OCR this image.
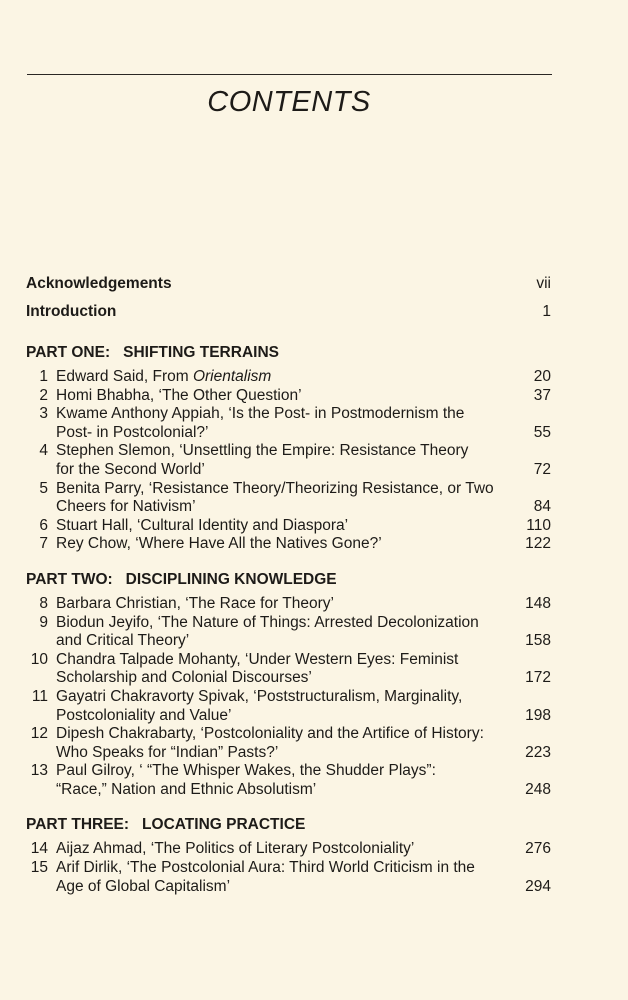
CONTENTS
Acknowledgements	vii
Introduction	1
PART ONE: SHIFTING TERRAINS
1 Edward Said, From Orientalism	20
2 Homi Bhabha, ‘The Other Question’	37
3 Kwame Anthony Appiah, ‘Is the Post- in Postmodernism the
Post- in Postcolonial?’	55
4 Stephen Slemon, ‘Unsettling the Empire: Resistance Theory
for the Second World’	72
5 Benita Parry, ‘Resistance Theory/Theorizing Resistance, or Two
Cheers for Nativism’	84
6 Stuart Hall, ‘Cultural Identity and Diaspora’	110
7 Rey Chow, ‘Where Have All the Natives Gone?’	122
PART TWO: DISCIPLINING KNOWLEDGE
8 Barbara Christian, ‘The Race for Theory’	148
9 Biodun Jeyifo, ‘The Nature of Things: Arrested Decolonization
and Critical Theory’	158
10 Chandra Talpade Mohanty, ‘Under Western Eyes: Feminist
Scholarship and Colonial Discourses’	172
11 Gayatri Chakravorty Spivak, ‘Poststructuralism, Marginality,
Postcoloniality and Value’	198
12 Dipesh Chakrabarty, ‘Postcoloniality and the Artifice of History:
Who Speaks for “Indian” Pasts?’	223
13 Paul Gilroy, ‘ “The Whisper Wakes, the Shudder Plays”:
“Race,” Nation and Ethnic Absolutism’	248
PART THREE: LOCATING PRACTICE
14 Aijaz Ahmad, ‘The Politics of Literary Postcoloniality’	276
15 Arif Dirlik, ‘The Postcolonial Aura: Third World Criticism in the
Age of Global Capitalism’	294
